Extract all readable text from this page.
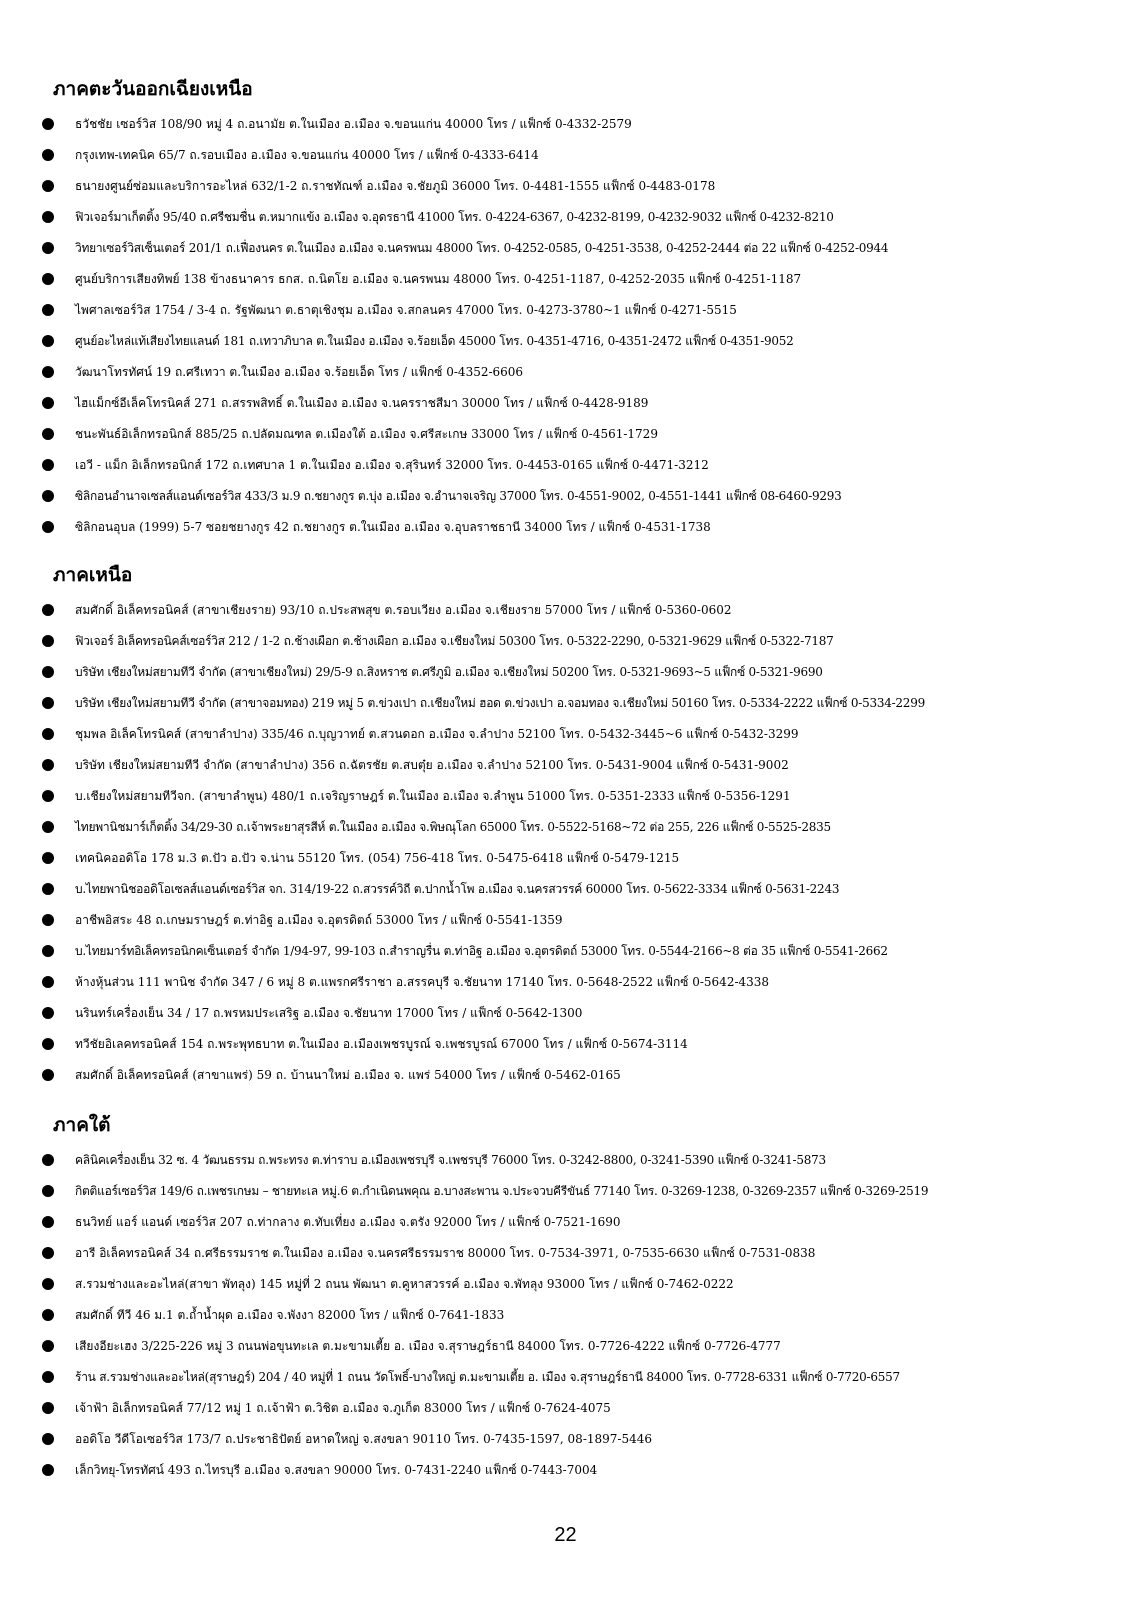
ภาคตะวันออกเฉียงเหนือ
ธวัชชัย เซอร์วิส 108/90 หมู่ 4 ถ.อนามัย ต.ในเมือง อ.เมือง จ.ขอนแก่น 40000 โทร / แฟ็กซ์ 0-4332-2579
กรุงเทพ-เทคนิค 65/7 ถ.รอบเมือง อ.เมือง จ.ขอนแก่น 40000 โทร / แฟ็กซ์ 0-4333-6414
ธนายงศูนย์ซ่อมและบริการอะไหล่ 632/1-2 ถ.ราชทัณฑ์ อ.เมือง จ.ชัยภูมิ 36000 โทร. 0-4481-1555 แฟ็กซ์ 0-4483-0178
ฟิวเจอร์มาเก็ตติ้ง 95/40 ถ.ศรีชมชื่น ต.หมากแข้ง อ.เมือง จ.อุดรธานี 41000 โทร. 0-4224-6367, 0-4232-8199, 0-4232-9032 แฟ็กซ์ 0-4232-8210
วิทยาเซอร์วิสเซ็นเตอร์ 201/1 ถ.เฟื่องนคร ต.ในเมือง อ.เมือง จ.นครพนม 48000 โทร. 0-4252-0585, 0-4251-3538, 0-4252-2444 ต่อ 22 แฟ็กซ์ 0-4252-0944
ศูนย์บริการเสียงทิพย์ 138 ข้างธนาคาร ธกส. ถ.นิตโย อ.เมือง จ.นครพนม 48000 โทร. 0-4251-1187, 0-4252-2035 แฟ็กซ์ 0-4251-1187
ไพศาลเซอร์วิส 1754 / 3-4 ถ. รัฐพัฒนา ต.ธาตุเชิงชุม อ.เมือง จ.สกลนคร 47000 โทร. 0-4273-3780~1 แฟ็กซ์ 0-4271-5515
ศูนย์อะไหล่แท้เสียงไทยแลนด์ 181 ถ.เทวาภิบาล ต.ในเมือง อ.เมือง จ.ร้อยเอ็ด 45000 โทร. 0-4351-4716, 0-4351-2472 แฟ็กซ์ 0-4351-9052
วัฒนาโทรทัศน์ 19 ถ.ศรีเทวา ต.ในเมือง อ.เมือง จ.ร้อยเอ็ด โทร / แฟ็กซ์ 0-4352-6606
ไฮแม็กซ์อีเล็คโทรนิคส์ 271 ถ.สรรพสิทธิ์ ต.ในเมือง อ.เมือง จ.นครราชสีมา 30000 โทร / แฟ็กซ์ 0-4428-9189
ชนะพันธ์อิเล็กทรอนิกส์ 885/25 ถ.ปลัดมณฑล ต.เมืองใต้ อ.เมือง จ.ศรีสะเกษ 33000 โทร / แฟ็กซ์ 0-4561-1729
เอวี - แม็ก อิเล็กทรอนิกส์ 172 ถ.เทศบาล 1 ต.ในเมือง อ.เมือง จ.สุรินทร์ 32000 โทร. 0-4453-0165 แฟ็กซ์ 0-4471-3212
ซิลิกอนอำนาจเซลส์แอนด์เซอร์วิส 433/3 ม.9 ถ.ชยางกูร ต.บุ่ง อ.เมือง จ.อำนาจเจริญ 37000 โทร. 0-4551-9002, 0-4551-1441 แฟ็กซ์ 08-6460-9293
ซิลิกอนอุบล (1999) 5-7 ซอยชยางกูร 42 ถ.ชยางกูร ต.ในเมือง อ.เมือง จ.อุบลราชธานี 34000 โทร / แฟ็กซ์ 0-4531-1738
ภาคเหนือ
สมศักดิ์ อิเล็คทรอนิคส์ (สาขาเชียงราย) 93/10 ถ.ประสพสุข ต.รอบเวียง อ.เมือง จ.เชียงราย 57000 โทร / แฟ็กซ์ 0-5360-0602
ฟิวเจอร์ อิเล็คทรอนิคส์เซอร์วิส 212 / 1-2 ถ.ช้างเผือก ต.ช้างเผือก อ.เมือง จ.เชียงใหม่ 50300 โทร. 0-5322-2290, 0-5321-9629 แฟ็กซ์ 0-5322-7187
บริษัท เชียงใหม่สยามทีวี จำกัด (สาขาเชียงใหม่) 29/5-9 ถ.สิงหราช ต.ศรีภูมิ อ.เมือง จ.เชียงใหม่ 50200 โทร. 0-5321-9693~5 แฟ็กซ์ 0-5321-9690
บริษัท เชียงใหม่สยามทีวี จำกัด (สาขาจอมทอง) 219 หมู่ 5 ต.ข่วงเปา ถ.เชียงใหม่ ฮอด ต.ข่วงเปา อ.จอมทอง จ.เชียงใหม่ 50160 โทร. 0-5334-2222 แฟ็กซ์ 0-5334-2299
ชุมพล อิเล็คโทรนิคส์ (สาขาลำปาง) 335/46 ถ.บุญวาทย์ ต.สวนดอก อ.เมือง จ.ลำปาง 52100 โทร. 0-5432-3445~6 แฟ็กซ์ 0-5432-3299
บริษัท เชียงใหม่สยามทีวี จำกัด (สาขาลำปาง) 356 ถ.ฉัตรชัย ต.สบตุ๋ย อ.เมือง จ.ลำปาง 52100 โทร. 0-5431-9004 แฟ็กซ์ 0-5431-9002
บ.เชียงใหม่สยามทีวีจก. (สาขาลำพูน) 480/1 ถ.เจริญราษฎร์ ต.ในเมือง อ.เมือง จ.ลำพูน 51000 โทร. 0-5351-2333 แฟ็กซ์ 0-5356-1291
ไทยพานิชมาร์เก็ตติ้ง 34/29-30 ถ.เจ้าพระยาสุรสีห์ ต.ในเมือง อ.เมือง จ.พิษณุโลก 65000 โทร. 0-5522-5168~72 ต่อ 255, 226 แฟ็กซ์ 0-5525-2835
เทคนิคออดิโอ 178 ม.3 ต.ปัว อ.ปัว จ.น่าน 55120 โทร. (054) 756-418 โทร. 0-5475-6418 แฟ็กซ์ 0-5479-1215
บ.ไทยพานิชออดิโอเซลส์แอนด์เซอร์วิส จก. 314/19-22 ถ.สวรรค์วิถี ต.ปากน้ำโพ อ.เมือง จ.นครสวรรค์ 60000 โทร. 0-5622-3334 แฟ็กซ์ 0-5631-2243
อาชีพอิสระ 48 ถ.เกษมราษฎร์ ต.ท่าอิฐ อ.เมือง จ.อุตรดิตถ์ 53000 โทร / แฟ็กซ์ 0-5541-1359
บ.ไทยมาร์ทอิเล็คทรอนิกคเซ็นเตอร์ จำกัด 1/94-97, 99-103 ถ.สำราญรื่น ต.ท่าอิฐ อ.เมือง จ.อุตรดิตถ์ 53000 โทร. 0-5544-2166~8 ต่อ 35 แฟ็กซ์ 0-5541-2662
ห้างหุ้นส่วน 111 พานิช จำกัด 347 / 6 หมู่ 8 ต.แพรกศรีราชา อ.สรรคบุรี จ.ชัยนาท 17140 โทร. 0-5648-2522 แฟ็กซ์ 0-5642-4338
นรินทร์เครื่องเย็น 34 / 17 ถ.พรหมประเสริฐ อ.เมือง จ.ชัยนาท 17000 โทร / แฟ็กซ์ 0-5642-1300
ทวีชัยอิเลคทรอนิคส์ 154 ถ.พระพุทธบาท ต.ในเมือง อ.เมืองเพชรบูรณ์ จ.เพชรบูรณ์ 67000 โทร / แฟ็กซ์ 0-5674-3114
สมศักดิ์ อิเล็คทรอนิคส์ (สาขาแพร่) 59 ถ. บ้านนาใหม่ อ.เมือง จ. แพร่ 54000 โทร / แฟ็กซ์ 0-5462-0165
ภาคใต้
คลินิคเครื่องเย็น 32 ซ. 4 วัฒนธรรม ถ.พระทรง ต.ท่าราบ อ.เมืองเพชรบุรี จ.เพชรบุรี 76000 โทร. 0-3242-8800, 0-3241-5390 แฟ็กซ์ 0-3241-5873
กิตติแอร์เซอร์วิส 149/6 ถ.เพชรเกษม – ชายทะเล หมู่.6 ต.กำเนิดนพคุณ อ.บางสะพาน จ.ประจวบคีรีขันธ์ 77140 โทร. 0-3269-1238, 0-3269-2357 แฟ็กซ์ 0-3269-2519
ธนวิทย์ แอร์ แอนด์ เซอร์วิส 207 ถ.ท่ากลาง ต.ทับเที่ยง อ.เมือง จ.ตรัง 92000 โทร / แฟ็กซ์ 0-7521-1690
อารี อิเล็คทรอนิคส์ 34 ถ.ศรีธรรมราช ต.ในเมือง อ.เมือง จ.นครศรีธรรมราช 80000 โทร. 0-7534-3971, 0-7535-6630 แฟ็กซ์ 0-7531-0838
ส.รวมช่างและอะไหล่(สาขา พัทลุง) 145 หมู่ที่ 2 ถนน พัฒนา ต.คูหาสวรรค์ อ.เมือง จ.พัทลุง 93000 โทร / แฟ็กซ์ 0-7462-0222
สมศักดิ์ ทีวี 46 ม.1 ต.ถ้ำน้ำผุด อ.เมือง จ.พังงา 82000 โทร / แฟ็กซ์ 0-7641-1833
เสียงอียะเฮง 3/225-226 หมู่ 3 ถนนพ่อขุนทะเล ต.มะขามเตี้ย อ. เมือง จ.สุราษฎร์ธานี 84000 โทร. 0-7726-4222 แฟ็กซ์ 0-7726-4777
ร้าน ส.รวมช่างและอะไหล่(สุราษฎร์) 204 / 40 หมู่ที่ 1 ถนน วัดโพธิ์-บางใหญ่ ต.มะขามเตี้ย อ. เมือง จ.สุราษฎร์ธานี 84000 โทร. 0-7728-6331 แฟ็กซ์ 0-7720-6557
เจ้าฟ้า อิเล็กทรอนิคส์ 77/12 หมู่ 1 ถ.เจ้าฟ้า ต.วิชิต อ.เมือง จ.ภูเก็ต 83000 โทร / แฟ็กซ์ 0-7624-4075
ออดิโอ วีดีโอเซอร์วิส 173/7 ถ.ประชาธิปัตย์ อหาดใหญ่ จ.สงขลา 90110 โทร. 0-7435-1597, 08-1897-5446
เล็กวิทยุ-โทรทัศน์ 493 ถ.ไทรบุรี อ.เมือง จ.สงขลา 90000 โทร. 0-7431-2240 แฟ็กซ์ 0-7443-7004
22
